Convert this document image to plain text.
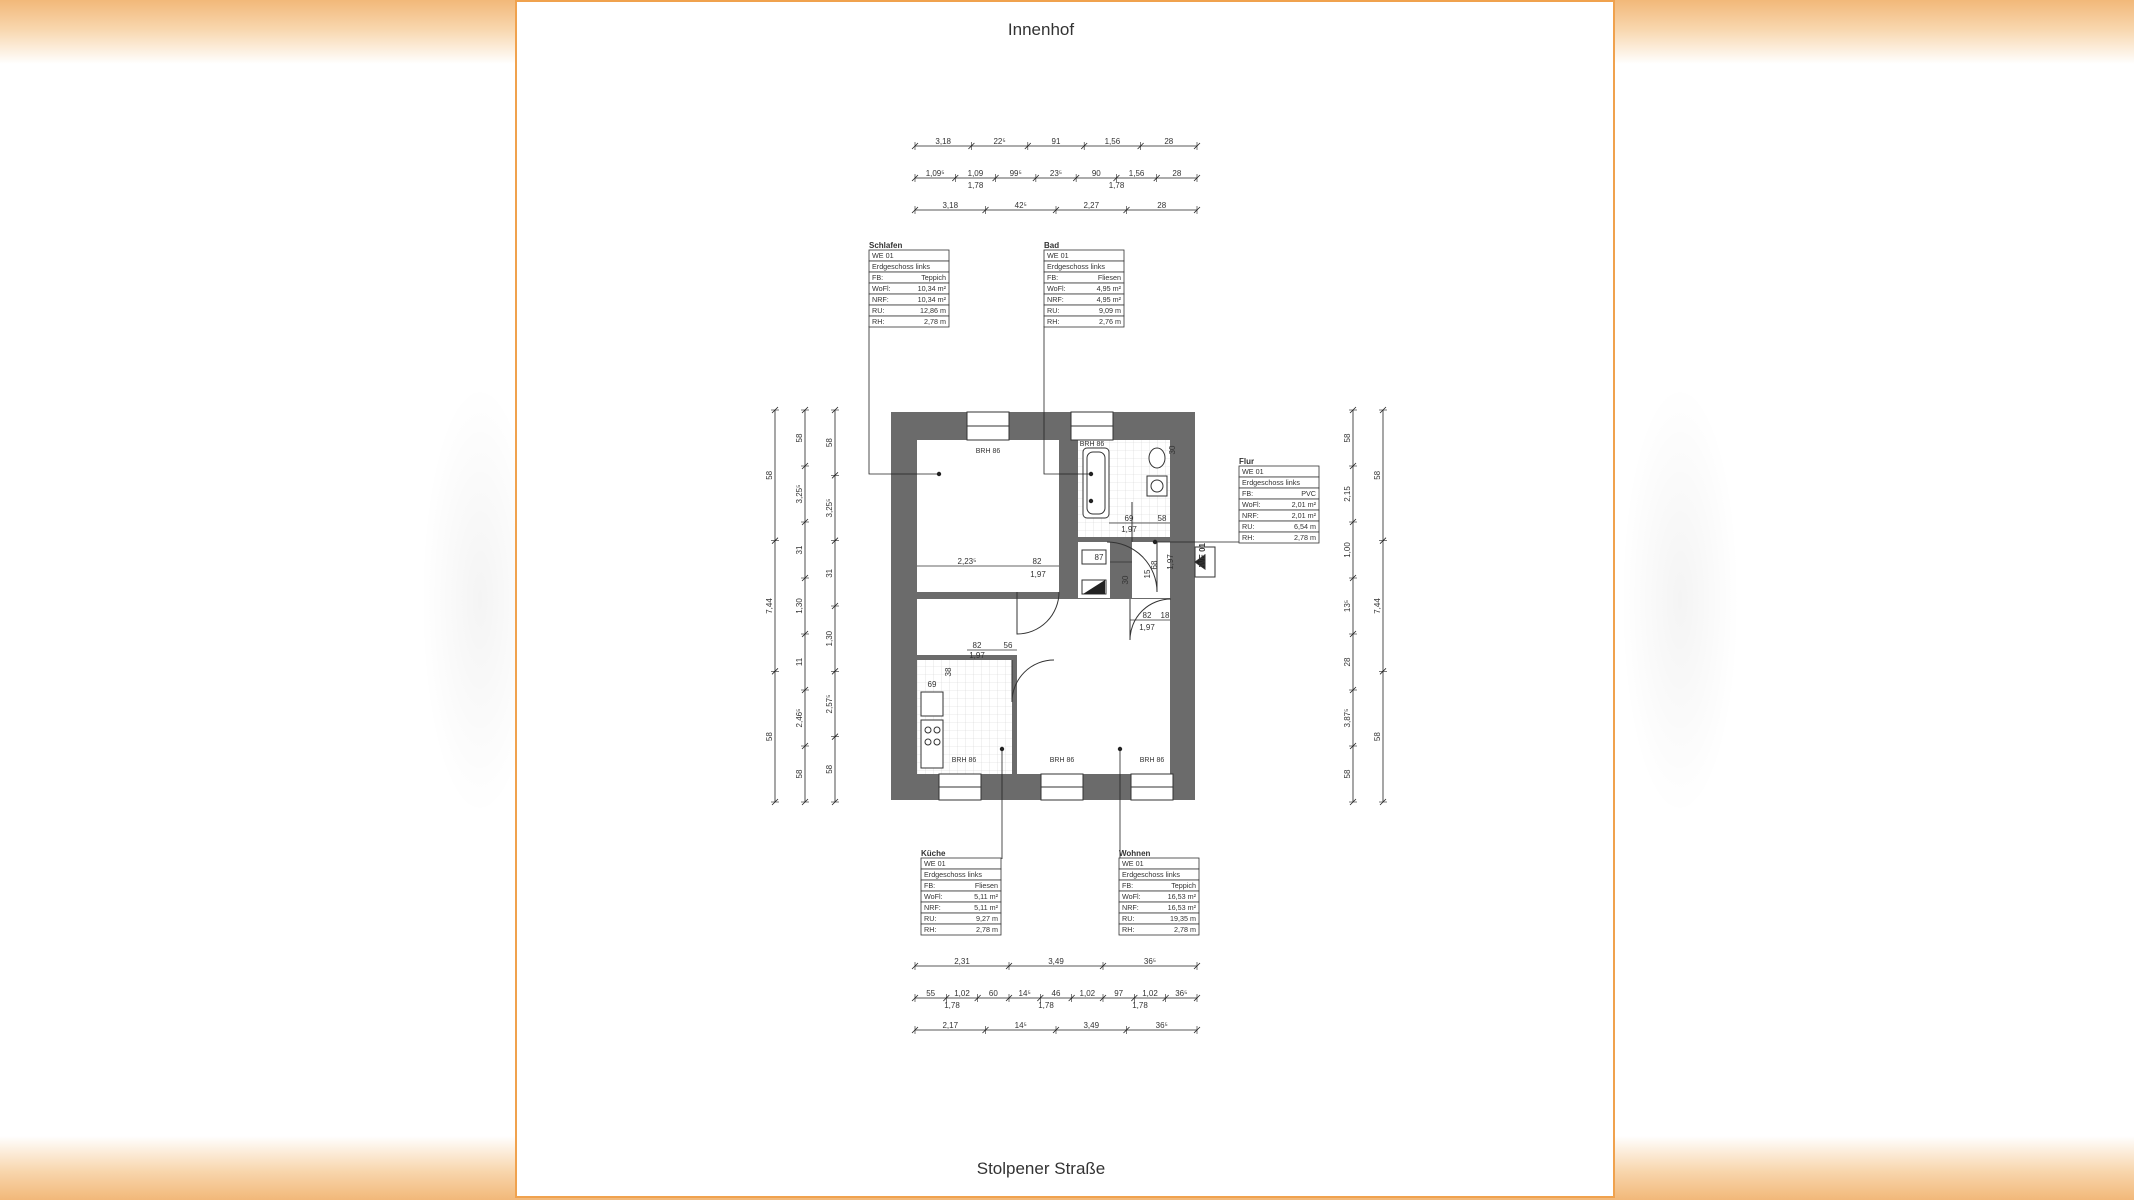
Innenhof
Stolpener Straße
WE 01
BRH 86
BRH 86
BRH 86	BRH 86	BRH 86
2,23⁵	82
1,97
87
69
1,97
58
82 18
1,97
82	56
1,97
69
30
15
68 1,97
30
38
Schlafen
WE 01
Erdgeschoss links
FB:	Teppich
WoFl:	10,34 m²
NRF:	10,34 m²
RU:	12,86 m
RH:	2,78 m
Bad
WE 01
Erdgeschoss links
FB:	Fliesen
WoFl:	4,95 m²
NRF:	4,95 m²
RU:	9,09 m
RH:	2,76 m
Flur
WE 01
Erdgeschoss links
FB:	PVC
WoFl:	2,01 m²
NRF:	2,01 m²
RU:	6,54 m
RH:	2,78 m
Küche
WE 01
Erdgeschoss links
FB:	Fliesen
WoFl:	5,11 m²
NRF:	5,11 m²
RU:	9,27 m
RH:	2,78 m
Wohnen
WE 01
Erdgeschoss links
FB:	Teppich
WoFl:	16,53 m²
NRF:	16,53 m²
RU:	19,35 m
RH:	2,78 m
3,18	22⁵	91	1,56	28
1,09⁵	1,09	99⁵	23⁵	90	1,56	28
1,78	1,78
3,18	42⁵	2,27	28
2,31	3,49	36⁵
55 1,02 60	14⁵	46 1,02 97 1,02 36⁵
1,78	1,78	1,78
2,17	14⁵	3,49	36⁵
58
7,44
58
58
3,25⁵
31
1,30
11
2,46⁵
58
58
3,25⁵
31
1,30
2,57⁵
58
58
2,15
1,00
13⁵
28
3,87⁵
58
58
7,44
58
